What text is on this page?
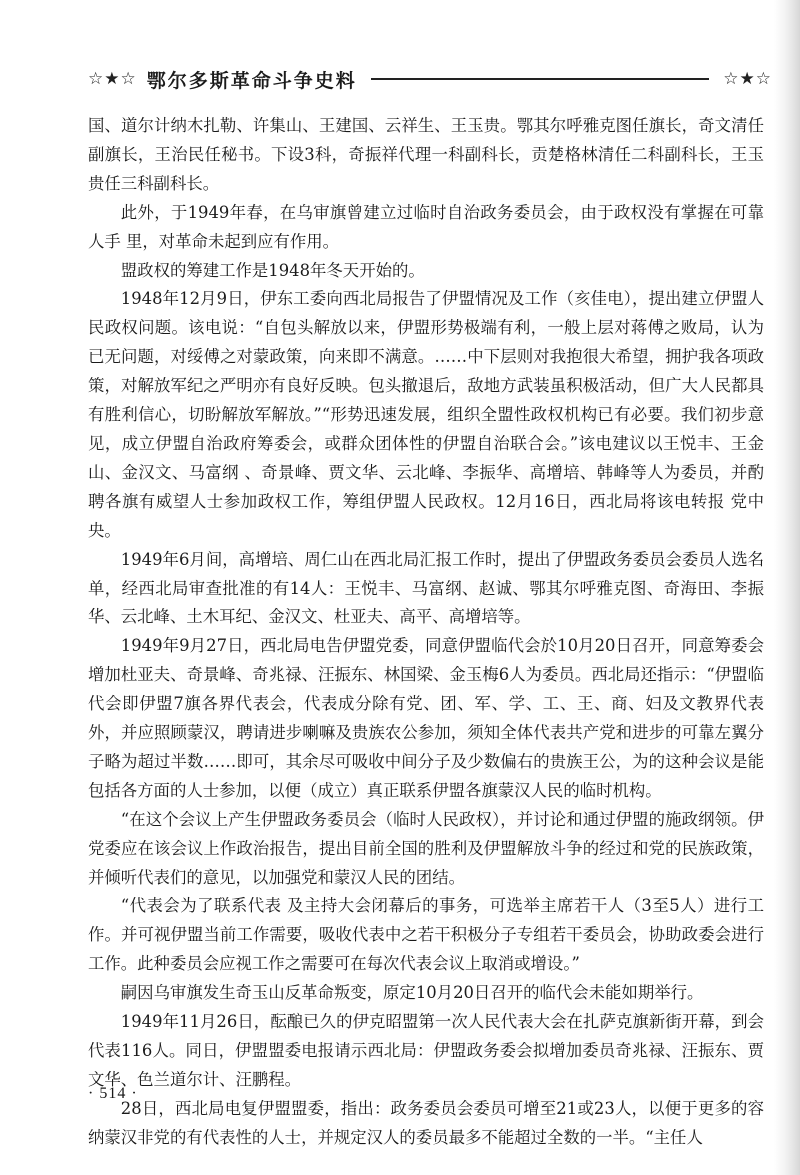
☆★☆ 鄂尔多斯革命斗争史料	☆★☆

国、道尔计纳木扎勒、许集山、王建国、云祥生、王玉贵。鄂其尔呼雅克图任旗长，奇文清任副旗长，王治民任秘书。下设3科，奇振祥代理一科副科长，贡楚格林清任二科副科长，王玉贵任三科副科长。

此外，于1949年春，在乌审旗曾建立过临时自治政务委员会，由于政权没有掌握在可靠人手 里，对革命未起到应有作用。

盟政权的筹建工作是1948年冬天开始的。

1948年12月9日，伊东工委向西北局报告了伊盟情况及工作（亥佳电），提出建立伊盟人民政权问题。该电说：“自包头解放以来，伊盟形势极端有利，一般上层对蒋傅之败局，认为已无问题，对绥傅之对蒙政策，向来即不满意。……中下层则对我抱很大希望，拥护我各项政策，对解放军纪之严明亦有良好反映。包头撤退后，敌地方武装虽积极活动，但广大人民都具有胜利信心，切盼解放军解放。”“形势迅速发展，组织全盟性政权机构已有必要。我们初步意见，成立伊盟自治政府筹委会，或群众团体性的伊盟自治联合会。”该电建议以王悦丰、王金山、金汉文、马富纲 、奇景峰、贾文华、云北峰、李振华、高增培、韩峰等人为委员，并酌聘各旗有威望人士参加政权工作，筹组伊盟人民政权。12月16日，西北局将该电转报 党中央。

1949年6月间，高增培、周仁山在西北局汇报工作时，提出了伊盟政务委员会委员人选名单，经西北局审查批准的有14人：王悦丰、马富纲、赵诚、鄂其尔呼雅克图、奇海田、李振华、云北峰、土木耳纪、金汉文、杜亚夫、高平、高增培等。

1949年9月27日，西北局电告伊盟党委，同意伊盟临代会於10月20日召开，同意筹委会增加杜亚夫、奇景峰、奇兆禄、汪振东、林国梁、金玉梅6人为委员。西北局还指示：“伊盟临代会即伊盟7旗各界代表会，代表成分除有党、团、军、学、工、王、商、妇及文教界代表外，并应照顾蒙汉，聘请进步喇嘛及贵族农公参加，须知全体代表共产党和进步的可靠左翼分子略为超过半数……即可，其余尽可吸收中间分子及少数偏右的贵族王公，为的这种会议是能包括各方面的人士参加，以便（成立）真正联系伊盟各旗蒙汉人民的临时机构。

“在这个会议上产生伊盟政务委员会（临时人民政权），并讨论和通过伊盟的施政纲领。伊党委应在该会议上作政治报告，提出目前全国的胜利及伊盟解放斗争的经过和党的民族政策，并倾听代表们的意见，以加强党和蒙汉人民的团结。

“代表会为了联系代表 及主持大会闭幕后的事务，可选举主席若干人（3至5人）进行工作。并可视伊盟当前工作需要，吸收代表中之若干积极分子专组若干委员会，协助政委会进行工作。此种委员会应视工作之需要可在每次代表会议上取消或增设。”

嗣因乌审旗发生奇玉山反革命叛变，原定10月20日召开的临代会未能如期举行。

1949年11月26日，酝酿已久的伊克昭盟第一次人民代表大会在扎萨克旗新街开幕，到会代表116人。同日，伊盟盟委电报请示西北局：伊盟政务委会拟增加委员奇兆禄、汪振东、贾文华、色兰道尔计、汪鹏程。

28日，西北局电复伊盟盟委，指出：政务委员会委员可增至21或23人，以便于更多的容纳蒙汉非党的有代表性的人士，并规定汉人的委员最多不能超过全数的一半。“主任人

· 514 ·
